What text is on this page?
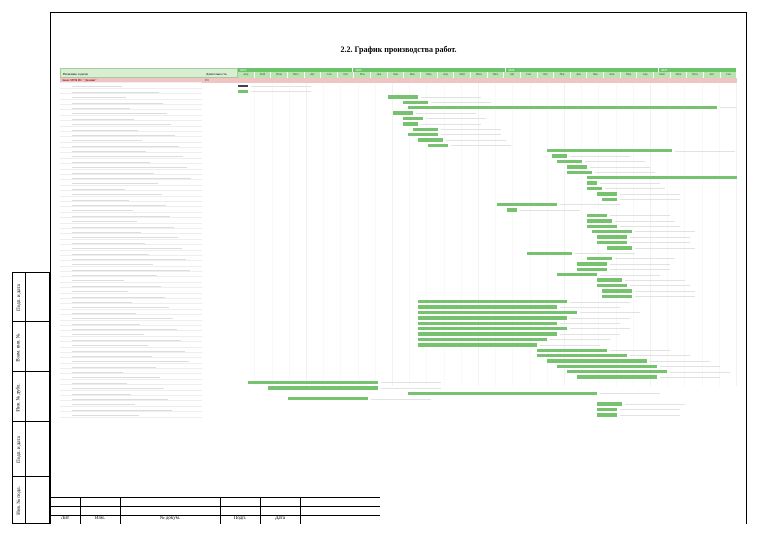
2.2. График производства работ.
Подп. и дата
Взам. инв. №
Инв. № дубл.
Подп. и дата
Инв. № подл.
Название задачи	Длительность
2024	2025	2026	2027
Апр	Май	Июн	Июл	Авг	Сен	Окт	Ноя	Дек	Янв	Фев	Мар	Апр	Май	Июн	Июл	Авг	Сен	Окт	Ноя	Дек	Янв	Фев	Мар	Апр	Май	Июн	Июл	Авг	Сен
Заказ МТЯ ИС "Долина"	931
Лит	Изм.	№ докум.	Подп.	Дата
